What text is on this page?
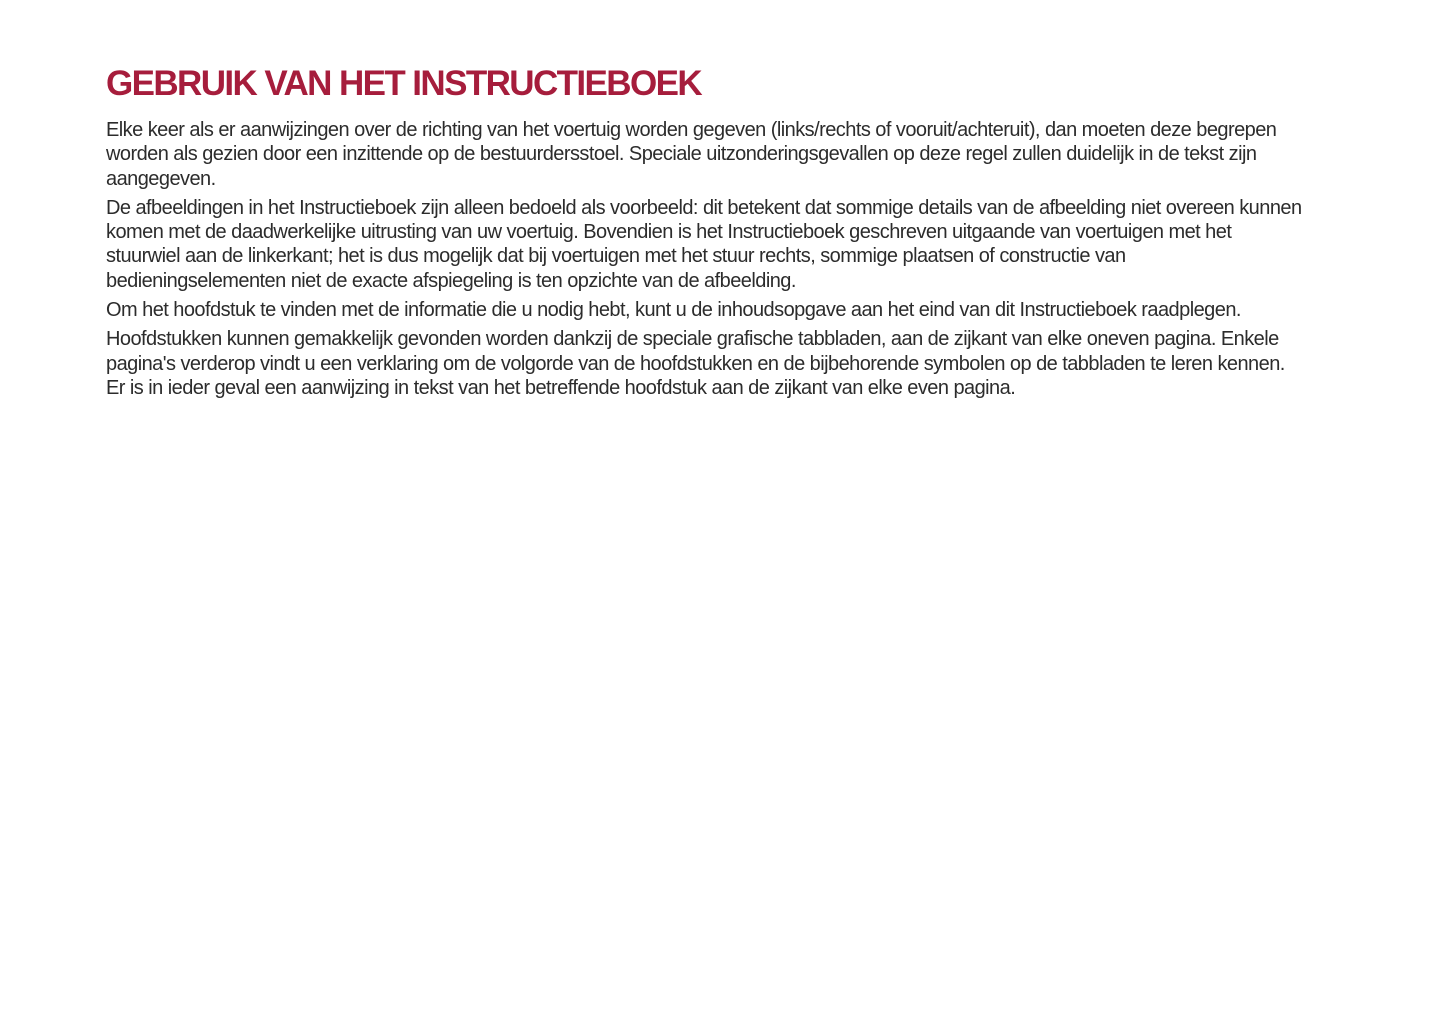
GEBRUIK VAN HET INSTRUCTIEBOEK

Elke keer als er aanwijzingen over de richting van het voertuig worden gegeven (links/rechts of vooruit/achteruit), dan moeten deze begrepen worden als gezien door een inzittende op de bestuurdersstoel. Speciale uitzonderingsgevallen op deze regel zullen duidelijk in de tekst zijn aangegeven.

De afbeeldingen in het Instructieboek zijn alleen bedoeld als voorbeeld: dit betekent dat sommige details van de afbeelding niet overeen kunnen komen met de daadwerkelijke uitrusting van uw voertuig. Bovendien is het Instructieboek geschreven uitgaande van voertuigen met het stuurwiel aan de linkerkant; het is dus mogelijk dat bij voertuigen met het stuur rechts, sommige plaatsen of constructie van bedieningselementen niet de exacte afspiegeling is ten opzichte van de afbeelding.

Om het hoofdstuk te vinden met de informatie die u nodig hebt, kunt u de inhoudsopgave aan het eind van dit Instructieboek raadplegen.

Hoofdstukken kunnen gemakkelijk gevonden worden dankzij de speciale grafische tabbladen, aan de zijkant van elke oneven pagina. Enkele pagina's verderop vindt u een verklaring om de volgorde van de hoofdstukken en de bijbehorende symbolen op de tabbladen te leren kennen. Er is in ieder geval een aanwijzing in tekst van het betreffende hoofdstuk aan de zijkant van elke even pagina.
